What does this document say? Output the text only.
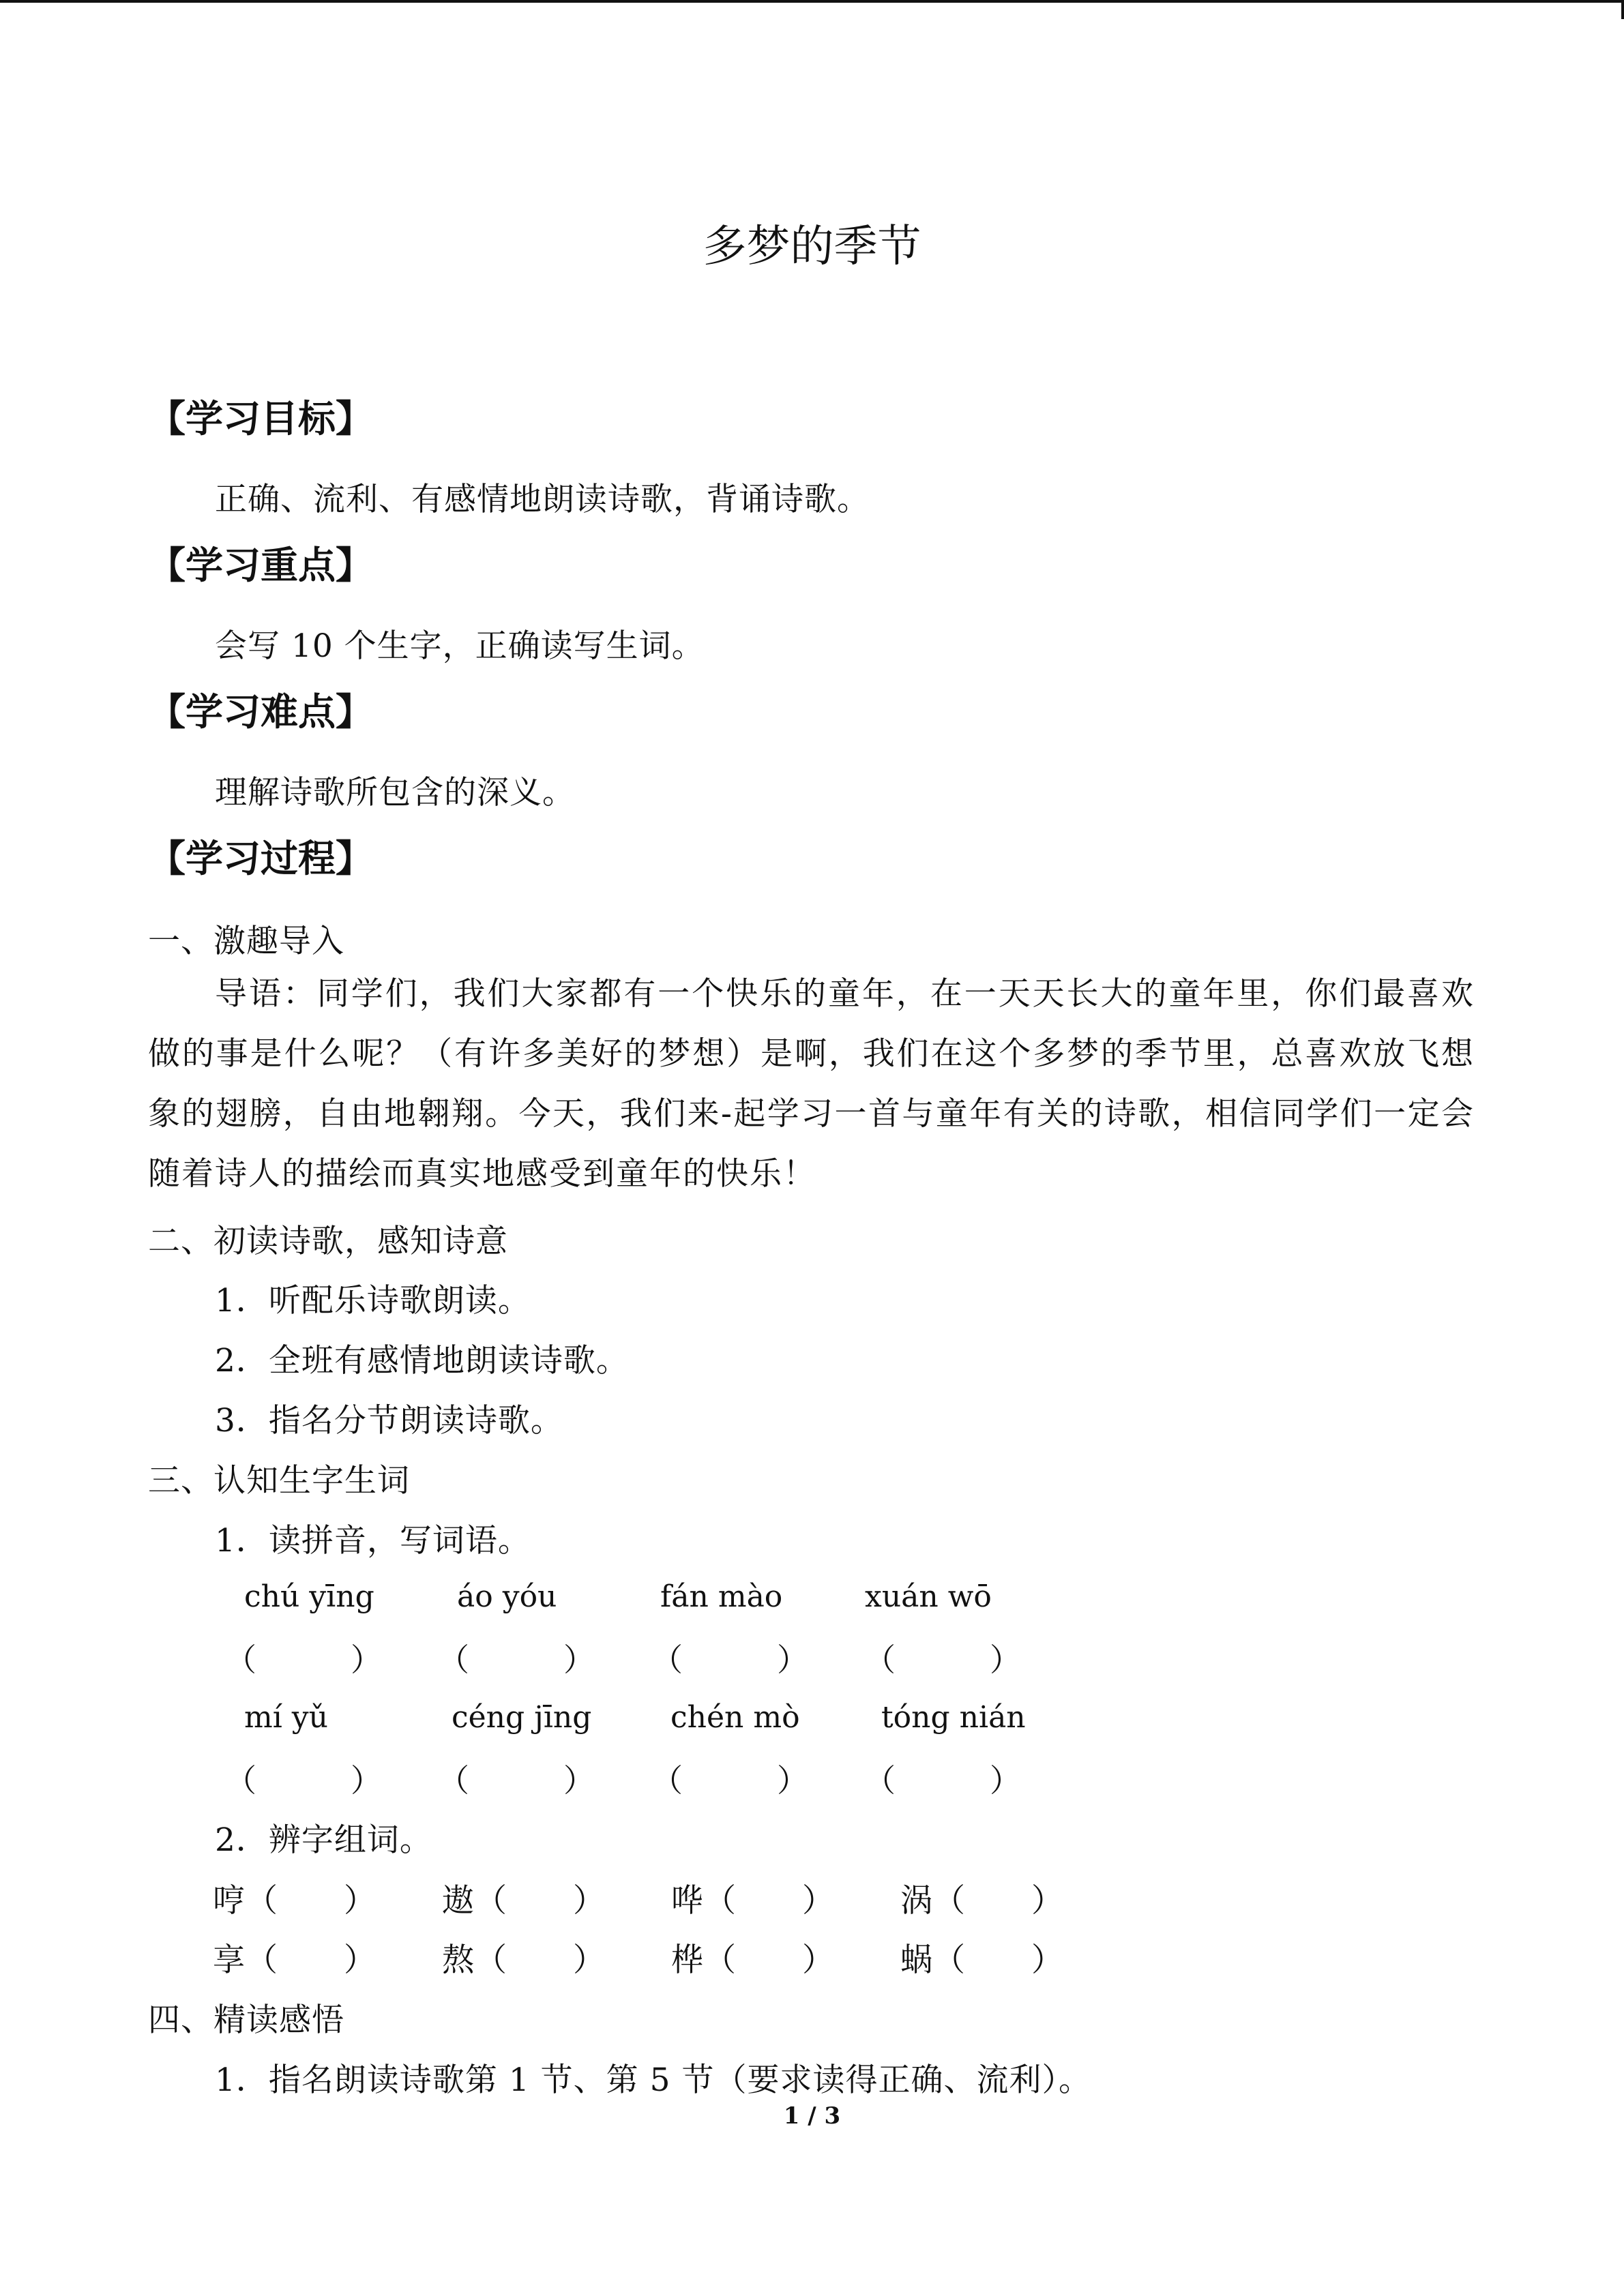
多梦的季节
【学习目标】
正确、流利、有感情地朗读诗歌，背诵诗歌。
【学习重点】
会写 10 个生字，正确读写生词。
【学习难点】
理解诗歌所包含的深义。
【学习过程】
一、激趣导入
导语：同学们，我们大家都有一个快乐的童年，在一天天长大的童年里，你们最喜欢做的事是什么呢？（有许多美好的梦想）是啊，我们在这个多梦的季节里，总喜欢放飞想象的翅膀，自由地翱翔。今天，我们来-起学习一首与童年有关的诗歌，相信同学们一定会随着诗人的描绘而真实地感受到童年的快乐！
二、初读诗歌，感知诗意
1．听配乐诗歌朗读。
2．全班有感情地朗读诗歌。
3．指名分节朗读诗歌。
三、认知生字生词
1．读拼音，写词语。
chú yīng	áo yóu	fán mào	xuán wō
（　　　） （　　　） （　　　） （　　　）
mí yǔ	céng jīng	chén mò	tóng nián
（　　　） （　　　） （　　　） （　　　）
2．辨字组词。
哼（　　） 遨（　　） 哗（　　） 涡（　　）
享（　　） 熬（　　） 桦（　　） 蜗（　　）
四、精读感悟
1．指名朗读诗歌第 1 节、第 5 节（要求读得正确、流利）。
1 / 3
